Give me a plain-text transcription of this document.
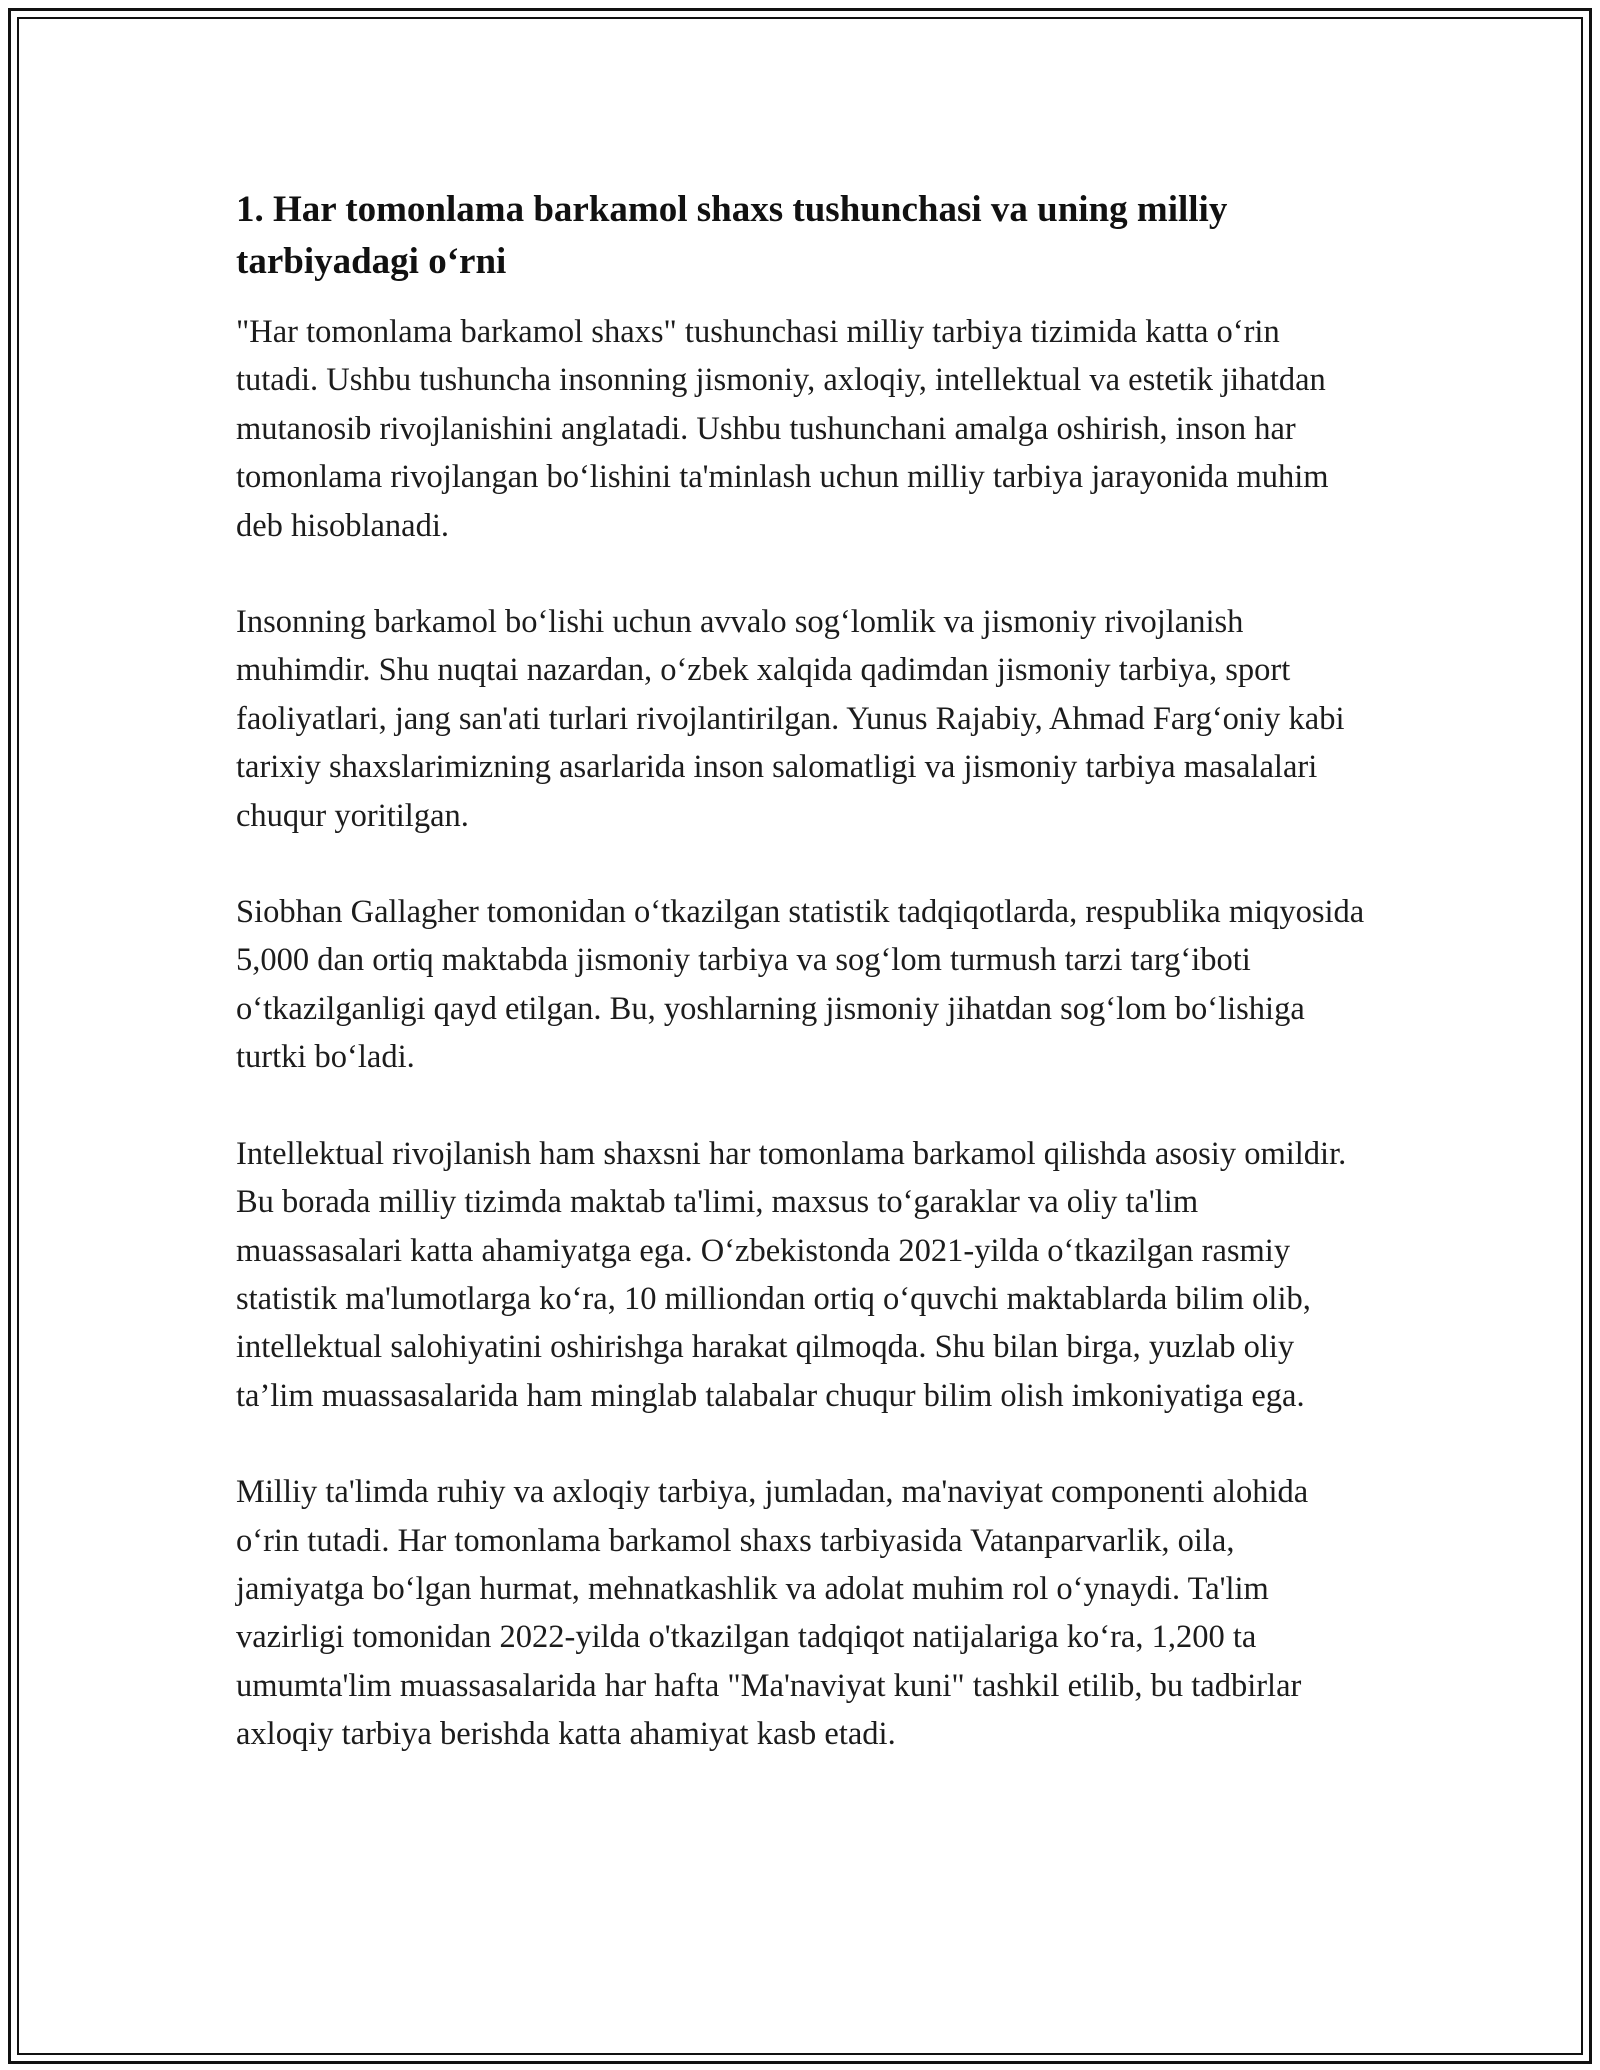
1. Har tomonlama barkamol shaxs tushunchasi va uning milliy tarbiyadagi o‘rni

"Har tomonlama barkamol shaxs" tushunchasi milliy tarbiya tizimida katta o‘rin tutadi. Ushbu tushuncha insonning jismoniy, axloqiy, intellektual va estetik jihatdan mutanosib rivojlanishini anglatadi. Ushbu tushunchani amalga oshirish, inson har tomonlama rivojlangan bo‘lishini ta'minlash uchun milliy tarbiya jarayonida muhim deb hisoblanadi.

Insonning barkamol bo‘lishi uchun avvalo sog‘lomlik va jismoniy rivojlanish muhimdir. Shu nuqtai nazardan, o‘zbek xalqida qadimdan jismoniy tarbiya, sport faoliyatlari, jang san'ati turlari rivojlantirilgan. Yunus Rajabiy, Ahmad Farg‘oniy kabi tarixiy shaxslarimizning asarlarida inson salomatligi va jismoniy tarbiya masalalari chuqur yoritilgan.

Siobhan Gallagher tomonidan o‘tkazilgan statistik tadqiqotlarda, respublika miqyosida 5,000 dan ortiq maktabda jismoniy tarbiya va sog‘lom turmush tarzi targ‘iboti o‘tkazilganligi qayd etilgan. Bu, yoshlarning jismoniy jihatdan sog‘lom bo‘lishiga turtki bo‘ladi.

Intellektual rivojlanish ham shaxsni har tomonlama barkamol qilishda asosiy omildir. Bu borada milliy tizimda maktab ta'limi, maxsus to‘garaklar va oliy ta'lim muassasalari katta ahamiyatga ega. O‘zbekistonda 2021-yilda o‘tkazilgan rasmiy statistik ma'lumotlarga ko‘ra, 10 milliondan ortiq o‘quvchi maktablarda bilim olib, intellektual salohiyatini oshirishga harakat qilmoqda. Shu bilan birga, yuzlab oliy ta’lim muassasalarida ham minglab talabalar chuqur bilim olish imkoniyatiga ega.

Milliy ta'limda ruhiy va axloqiy tarbiya, jumladan, ma'naviyat componenti alohida o‘rin tutadi. Har tomonlama barkamol shaxs tarbiyasida Vatanparvarlik, oila, jamiyatga bo‘lgan hurmat, mehnatkashlik va adolat muhim rol o‘ynaydi. Ta'lim vazirligi tomonidan 2022-yilda o'tkazilgan tadqiqot natijalariga ko‘ra, 1,200 ta umumta'lim muassasalarida har hafta "Ma'naviyat kuni" tashkil etilib, bu tadbirlar axloqiy tarbiya berishda katta ahamiyat kasb etadi.
